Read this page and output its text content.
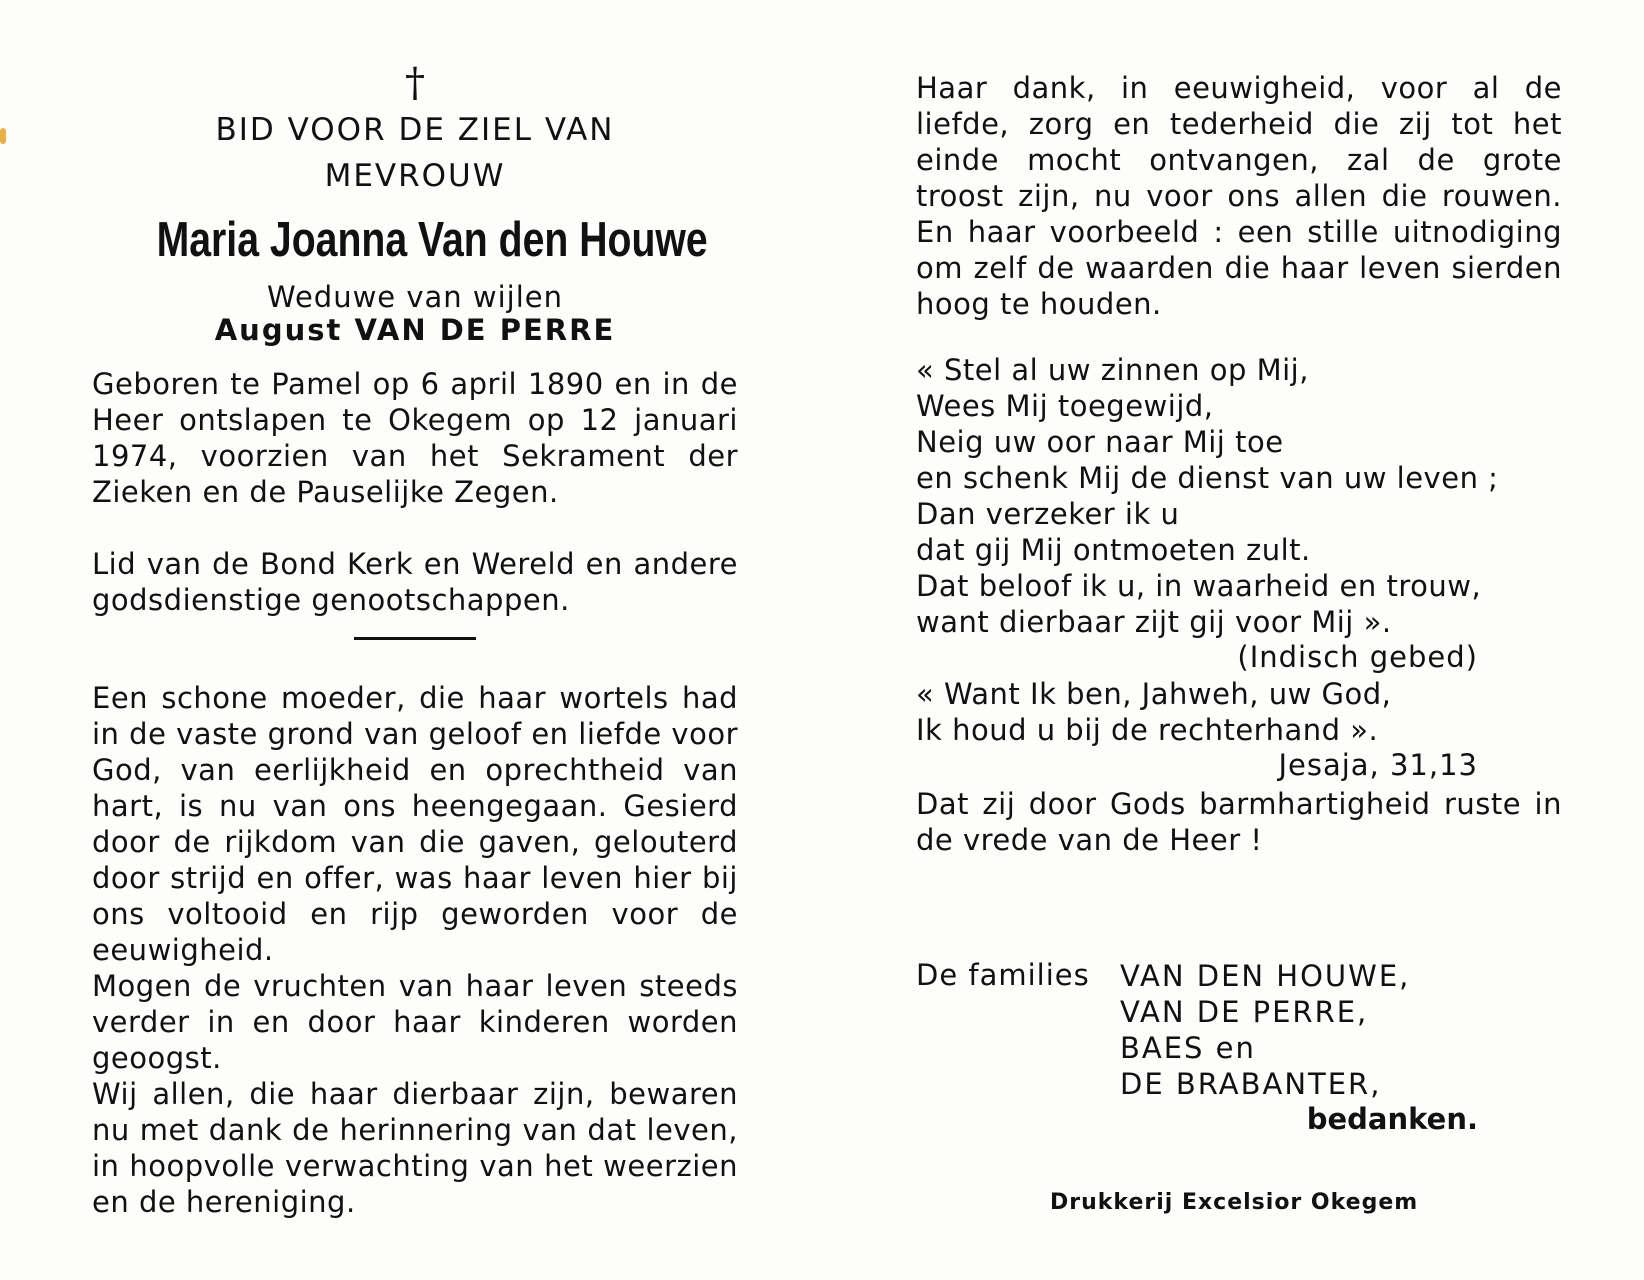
†
BID VOOR DE ZIEL VAN
MEVROUW
Maria Joanna Van den Houwe
Weduwe van wijlen
August VAN DE PERRE
Geboren te Pamel op 6 april 1890 en in de Heer ontslapen te Okegem op 12 januari 1974, voorzien van het Sekrament der Zieken en de Pauselijke Zegen.
Lid van de Bond Kerk en Wereld en andere godsdienstige genootschappen.
Een schone moeder, die haar wortels had in de vaste grond van geloof en liefde voor God, van eerlijkheid en oprechtheid van hart, is nu van ons heengegaan. Gesierd door de rijkdom van die gaven, gelouterd door strijd en offer, was haar leven hier bij ons voltooid en rijp geworden voor de eeuwigheid.
Mogen de vruchten van haar leven steeds verder in en door haar kinderen worden geoogst.
Wij allen, die haar dierbaar zijn, bewaren nu met dank de herinnering van dat leven, in hoopvolle verwachting van het weerzien en de hereniging.
Haar dank, in eeuwigheid, voor al de liefde, zorg en tederheid die zij tot het einde mocht ontvangen, zal de grote troost zijn, nu voor ons allen die rouwen. En haar voorbeeld : een stille uitnodiging om zelf de waarden die haar leven sierden hoog te houden.
« Stel al uw zinnen op Mij,
Wees Mij toegewijd,
Neig uw oor naar Mij toe
en schenk Mij de dienst van uw leven ;
Dan verzeker ik u
dat gij Mij ontmoeten zult.
Dat beloof ik u, in waarheid en trouw,
want dierbaar zijt gij voor Mij ».
(Indisch gebed)
« Want Ik ben, Jahweh, uw God,
Ik houd u bij de rechterhand ».
Jesaja, 31,13
Dat zij door Gods barmhartigheid ruste in de vrede van de Heer !
De families VAN DEN HOUWE,
VAN DE PERRE,
BAES en
DE BRABANTER,
bedanken.
Drukkerij Excelsior Okegem
